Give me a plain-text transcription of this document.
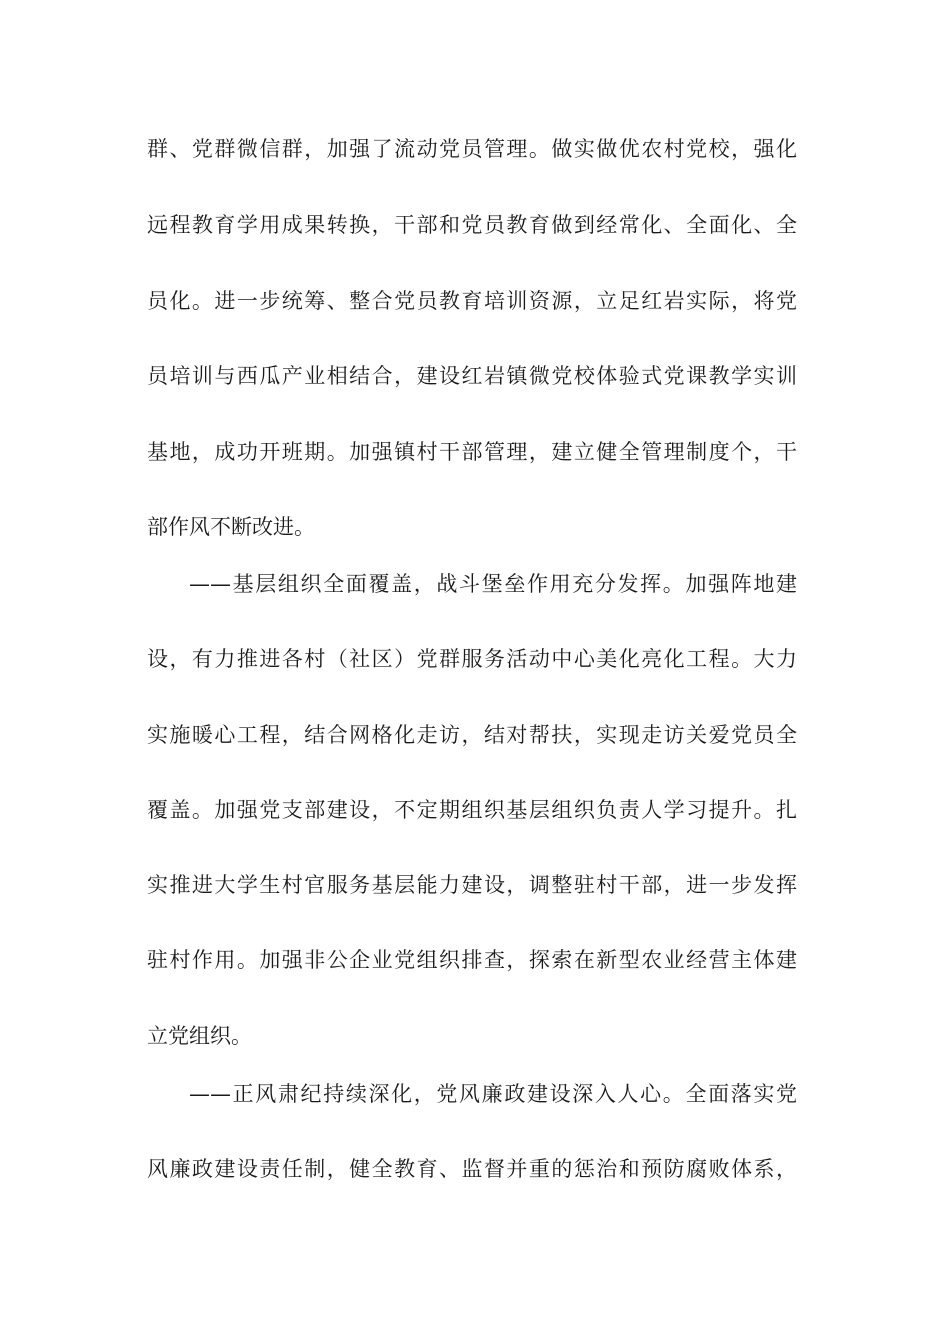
群、党群微信群，加强了流动党员管理。做实做优农村党校，强化
远程教育学用成果转换，干部和党员教育做到经常化、全面化、全
员化。进一步统筹、整合党员教育培训资源，立足红岩实际，将党
员培训与西瓜产业相结合，建设红岩镇微党校体验式党课教学实训
基地，成功开班期。加强镇村干部管理，建立健全管理制度个，干
部作风不断改进。
——基层组织全面覆盖，战斗堡垒作用充分发挥。加强阵地建
设，有力推进各村（社区）党群服务活动中心美化亮化工程。大力
实施暖心工程，结合网格化走访，结对帮扶，实现走访关爱党员全
覆盖。加强党支部建设，不定期组织基层组织负责人学习提升。扎
实推进大学生村官服务基层能力建设，调整驻村干部，进一步发挥
驻村作用。加强非公企业党组织排查，探索在新型农业经营主体建
立党组织。
——正风肃纪持续深化，党风廉政建设深入人心。全面落实党
风廉政建设责任制，健全教育、监督并重的惩治和预防腐败体系，
